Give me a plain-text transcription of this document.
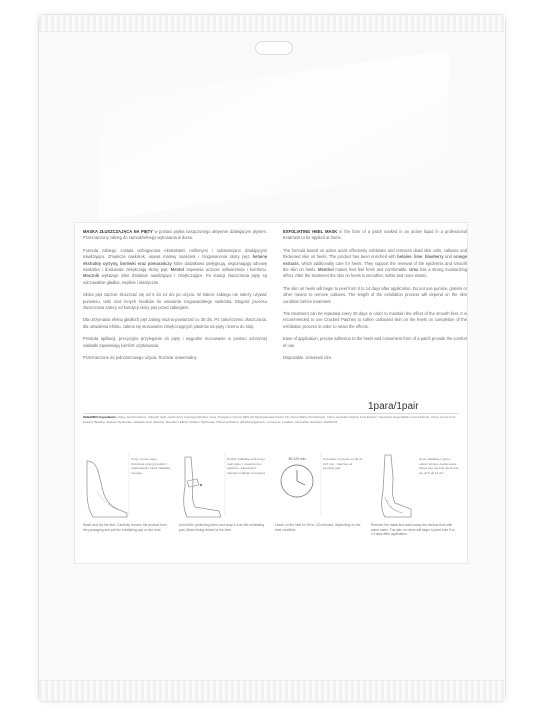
MASKA ZŁUSZCZAJĄCA NA PIĘTY w postaci piętka nasączonego aktywnie działającym płynem. Przeznaczony zabieg do samodzielnego wykonania w domu.

Formuła zabiegu została wzbogacona ekstraktami roślinnymi i substancjami działającymi nawilżająco. Zmiękcza naskórek, usuwa martwy naskórek i zrogowacenia skóry pięt. betainę ekstrakty cytryny, borówki oraz pomarańczy które dodatkowo pielęgnują, wspomagają odnowę naskórka i doskonale zmiękczają skórę pięt. Mentol zapewnia uczucie odświeżenia i komfortu. Mocznik wykazuje silne działanie nawilżające i zmiękczające. Po kuracji złuszczania pięty są odczuwalnie gładkie, miękkie i elastyczne.

Skóra pięt zacznie złuszczać się od 5 do 14 dni po użyciu. W trakcie zabiegu nie należy używać pumeksu, tarki oraz innych środków do usuwania zrogowaciałego naskórka. Długość procesu złuszczania zależy od kondycji skóry pięt przed zabiegiem.

Dla utrzymania efektu gładkich pięt zabieg można powtarzać co 30 dni. Po zakończeniu złuszczania, dla utrwalenia efektu, zaleca się stosowanie zmiękczających plastrów na pięty i kremu do stóp.

Prostota aplikacji, precyzyjne przyleganie do pięty i wygodne mocowanie w postaci ochronnej nakładki zapewniają komfort użytkowania.

Przeznaczone do jednorazowego użycia. Rozmiar uniwersalny.

EXFOLIATING HEEL MASK in the form of a patch soaked in an active liquid in a professional treatment to be applied at home.

The formula based on active acids effectively exfoliates and removes dead skin cells, calluses and thickened skin on heels. The product has been enriched with betaine, lime, blueberry and orange extracts, which additionally care for heels. They support the renewal of the epidermis and smooth the skin on heels. Menthol makes feet feel fresh and comfortable. Urea has a strong moisturizing effect. After the treatment the skin on heels is smoother, softer and more elastic.

The skin on heels will begin to peel from 5 to 14 days after application. Do not use pumice, graters or other means to remove calluses. The length of the exfoliation process will depend on the skin condition before treatment.

The treatment can be repeated every 30 days in order to maintain the effect of the smooth feet. It is recommended to use Cracked Patches to soften calloused skin on the heels on completion of the exfoliation process in order to retain the effects.

Ease of application, precise adhesion to the heels and convenient form of a patch provide the comfort of use.

Disposable. Universal size.

1para/1pair
Skład/INCI Ingredients: Aqua, Alcohol Denat., Glycolic Acid, Lactic Acid, Isopropyl Alcohol, Urea, Propylene Glycol, PEG-40 Hydrogenated Castor Oil, Pyrus Malus Fruit Extract, Citrus Aurantium Dulcis Fruit Extract, Vaccinium Angustifolium Fruit Extract, Citrus Limon Fruit Extract, Betaine, Sodium Hydroxide, Salicylic Acid, Menthol, Disodium EDTA, Sodium Hydroxide, Phenoxyethanol, Ethylhexylglycerin, Limonene, Linalool, Citronellol, Geraniol. 20220104
Umyj i osusz stopy. Ostrożnie wyjmij produkt z opakowania i załóż nakładkę na piętę.
Wash and dry the feet. Carefully remove the product from the packaging and put the exfoliating pad on the heel.
Rozłóż nakładkę ochronną i owiń piętę z nasączonym plastrem. Zabezpiecz taśmami naklejki mocującej.
Unfold the protecting fabric and wrap it over the exfoliating pad. Attach fixing sticker to the heel.
90-120 min	Pozostaw na pięcie na 90 do 120 min., zależnie od kondycji pięt.
Leave on the heel for 90 to 120 minutes, depending on the heel condition.
Usuń nakładkę z pięty i opłucz płynem ciepłą wodą. Skóra pięt zacznie złuszczać się od 5 do 14 dni.
Remove the mask and wash away the residue fluid with warm water. The skin on heels will begin to peel from 5 to 14 days after application.
